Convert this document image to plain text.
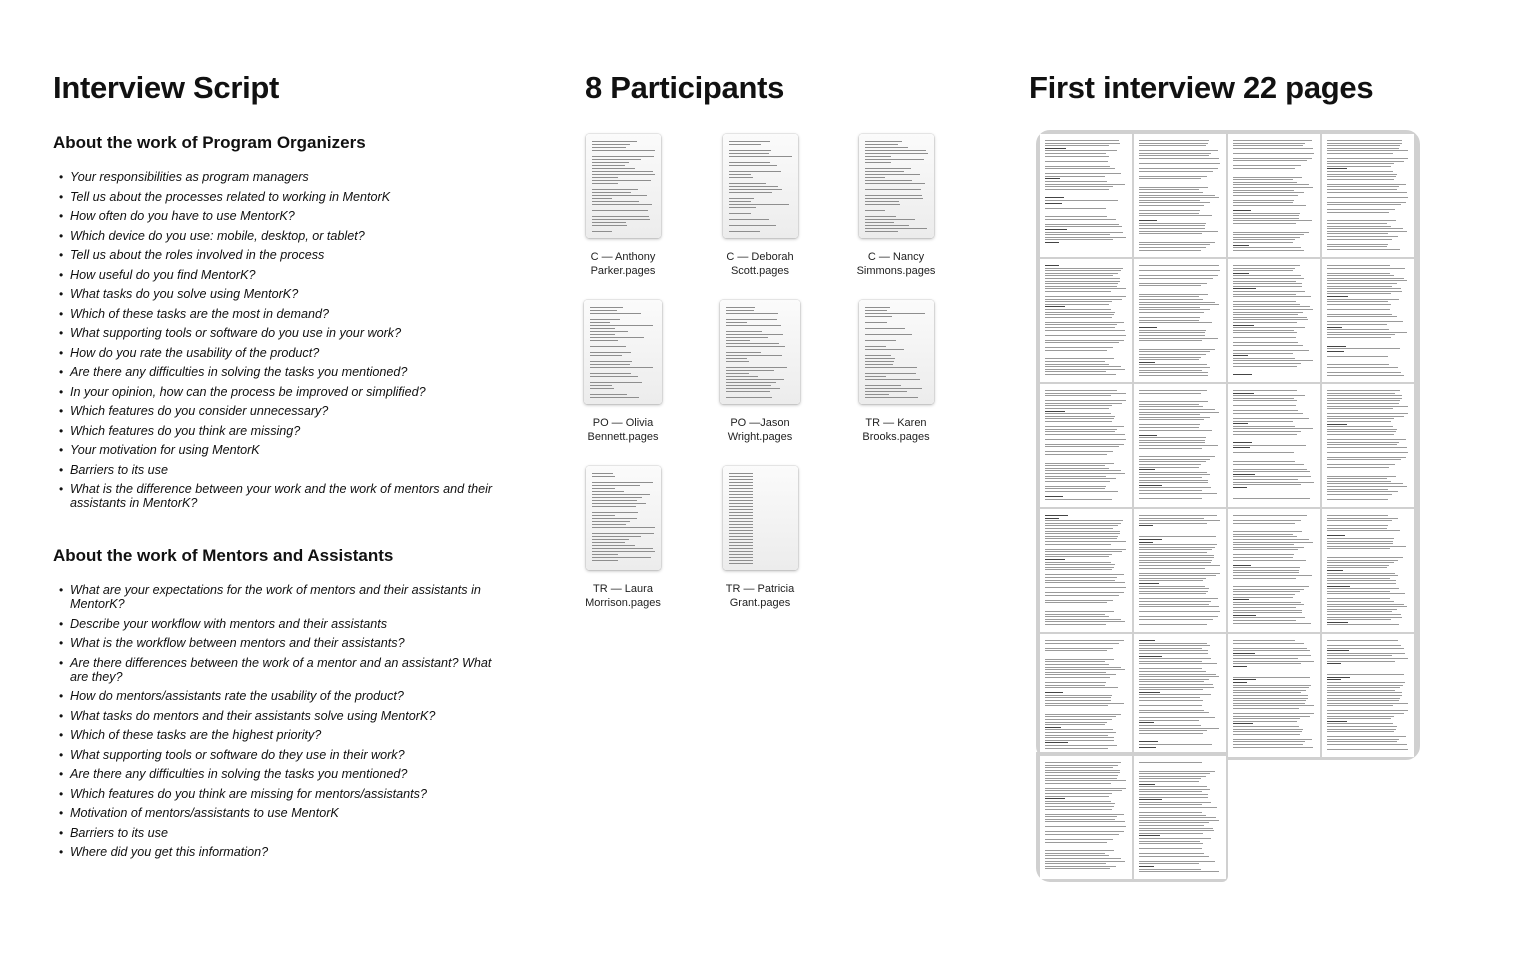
Interview Script
About the work of Program Organizers
• Your responsibilities as program managers
• Tell us about the processes related to working in MentorK
• How often do you have to use MentorK?
• Which device do you use: mobile, desktop, or tablet?
• Tell us about the roles involved in the process
• How useful do you find MentorK?
• What tasks do you solve using MentorK?
• Which of these tasks are the most in demand?
• What supporting tools or software do you use in your work?
• How do you rate the usability of the product?
• Are there any difficulties in solving the tasks you mentioned?
• In your opinion, how can the process be improved or simplified?
• Which features do you consider unnecessary?
• Which features do you think are missing?
• Your motivation for using MentorK
• Barriers to its use
• What is the difference between your work and the work of mentors and their assistants in MentorK?
About the work of Mentors and Assistants
• What are your expectations for the work of mentors and their assistants in MentorK?
• Describe your workflow with mentors and their assistants
• What is the workflow between mentors and their assistants?
• Are there differences between the work of a mentor and an assistant? What are they?
• How do mentors/assistants rate the usability of the product?
• What tasks do mentors and their assistants solve using MentorK?
• Which of these tasks are the highest priority?
• What supporting tools or software do they use in their work?
• Are there any difficulties in solving the tasks you mentioned?
• Which features do you think are missing for mentors/assistants?
• Motivation of mentors/assistants to use MentorK
• Barriers to its use
• Where did you get this information?
8 Participants
C — Anthony
Parker.pages
C — Deborah
Scott.pages
C — Nancy
Simmons.pages
PO — Olivia
Bennett.pages
PO —Jason Wright.pages
TR — Karen
Brooks.pages
TR — Laura
Morrison.pages
TR — Patricia
Grant.pages
First interview 22 pages
